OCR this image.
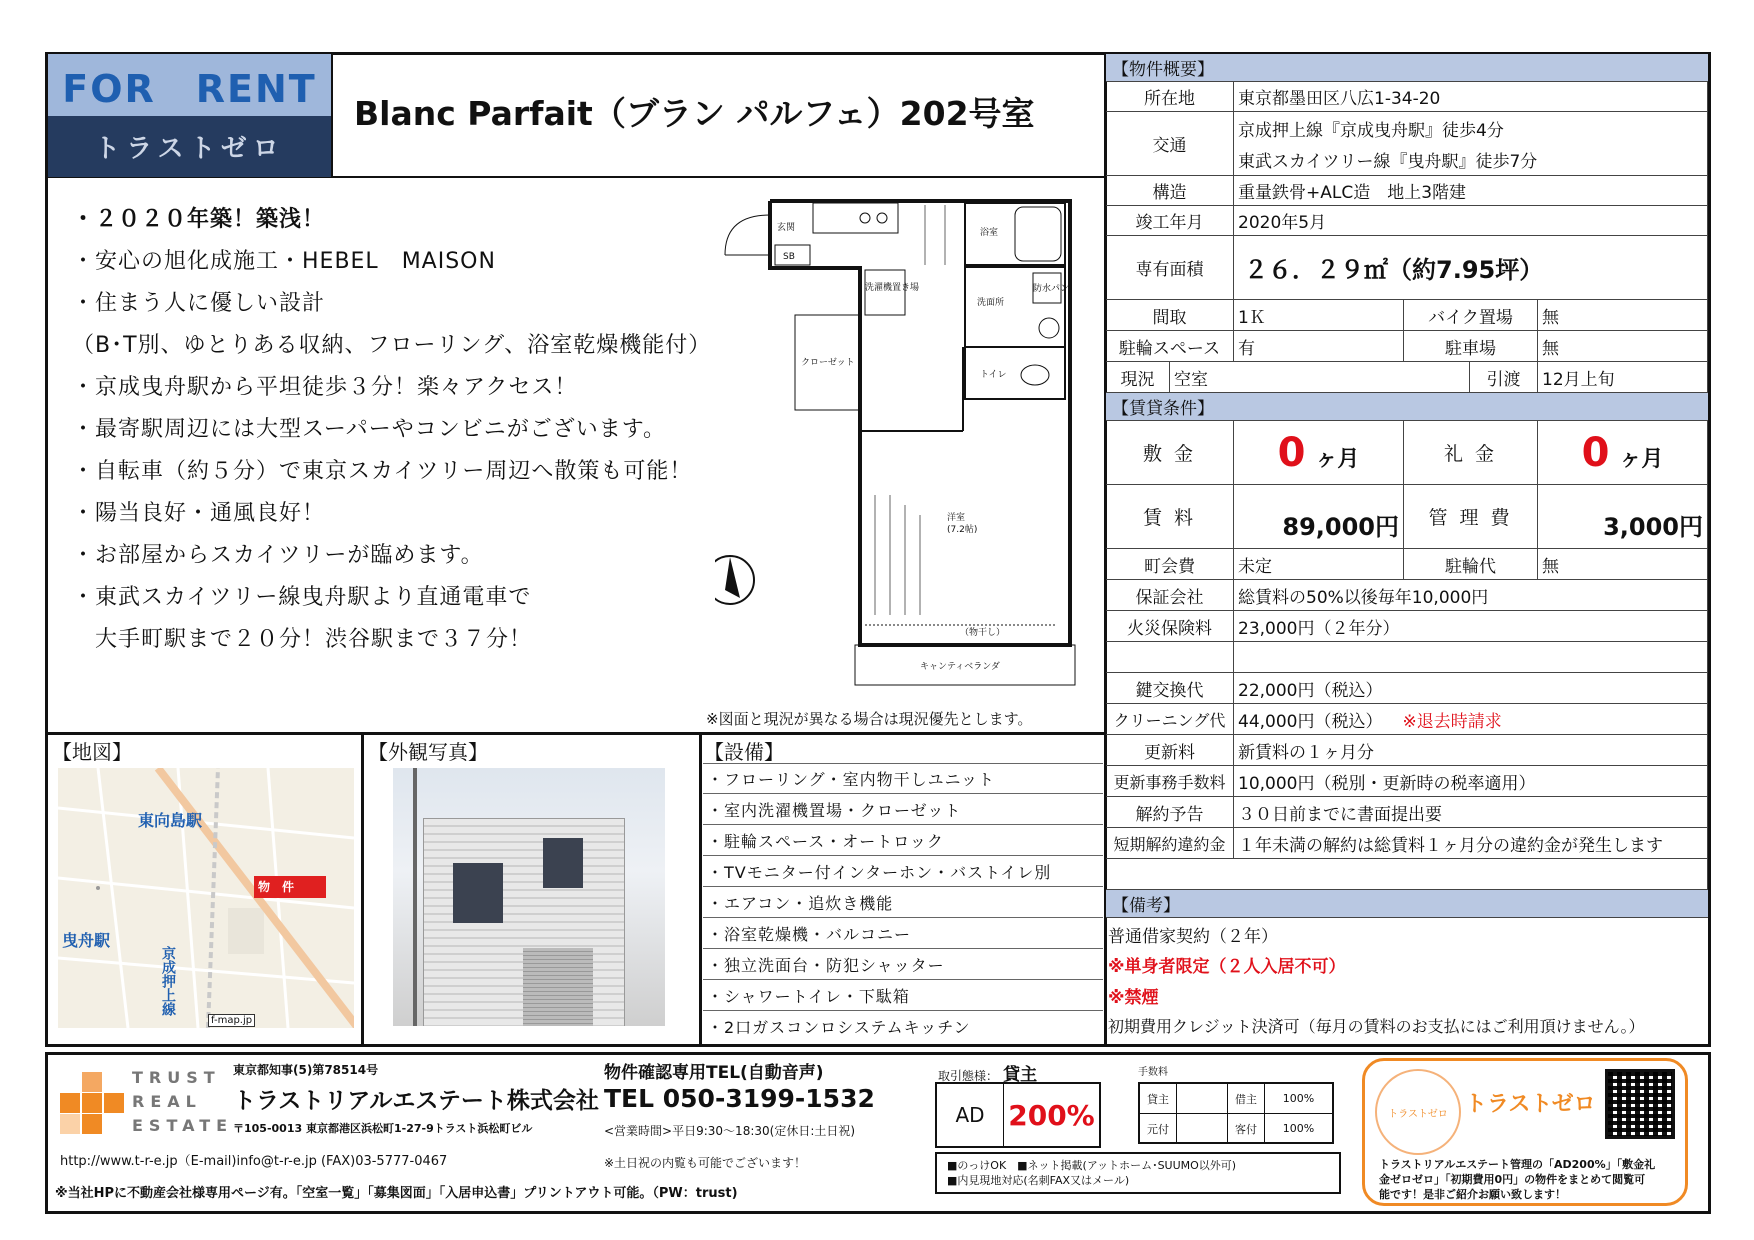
FOR　RENT
トラストゼロ
Blanc Parfait（ブラン パルフェ）202号室
・２０２０年築！築浅！
・安心の旭化成施工・HEBEL　MAISON
・住まう人に優しい設計
（B･T別、ゆとりある収納、フローリング、浴室乾燥機能付）
・京成曳舟駅から平坦徒歩３分！楽々アクセス！
・最寄駅周辺には大型スーパーやコンビニがございます。
・自転車（約５分）で東京スカイツリー周辺へ散策も可能！
・陽当良好・通風良好！
・お部屋からスカイツリーが臨めます。
・東武スカイツリー線曳舟駅より直通電車で
　大手町駅まで２０分！渋谷駅まで３７分！
玄関
SB
浴室
洗濯機置き場
洗面所
防水パン
クローゼット
トイレ
洋室
(7.2帖)
（物干し）
キャンティベランダ
※図面と現況が異なる場合は現況優先とします。
【地図】
東向島駅
曳舟駅
京成押上線
物　件
f-map.jp
【外観写真】	【設備】
・フローリング・室内物干しユニット
・室内洗濯機置場・クローゼット
・駐輪スペース・オートロック
・TVモニター付インターホン・バストイレ別
・エアコン・追炊き機能
・浴室乾燥機・バルコニー
・独立洗面台・防犯シャッター
・シャワートイレ・下駄箱
・2口ガスコンロシステムキッチン
【物件概要】
所在地	東京都墨田区八広1-34-20
交通
京成押上線『京成曳舟駅』徒歩4分
東武スカイツリー線『曳舟駅』徒歩7分
構造	重量鉄骨+ALC造　地上3階建
竣工年月	2020年5月
専有面積	２６．２９㎡（約7.95坪）
間取	1Ｋ	バイク置場	無
駐輪スペース	有	駐車場	無
現況	空室	引渡	12月上旬
【賃貸条件】
敷 金	0 ヶ月	礼 金	0 ヶ月
賃 料	89,000円	管 理 費	3,000円
町会費	未定	駐輪代	無
保証会社	総賃料の50%以後毎年10,000円
火災保険料	23,000円（２年分）
鍵交換代	22,000円（税込）
クリーニング代 44,000円（税込） ※退去時請求
更新料	新賃料の１ヶ月分
更新事務手数料 10,000円（税別・更新時の税率適用）
解約予告	３０日前までに書面提出要
短期解約違約金 １年未満の解約は総賃料１ヶ月分の違約金が発生します
【備考】
普通借家契約（２年）
※単身者限定（２人入居不可）
※禁煙
初期費用クレジット決済可（毎月の賃料のお支払にはご利用頂けません。）
TRUST
REAL
ESTATE
東京都知事(5)第78514号
トラストリアルエステート株式会社
〒105-0013 東京都港区浜松町1-27-9トラスト浜松町ビル
http://www.t-r-e.jp（E-mail)info@t-r-e.jp (FAX)03-5777-0467
※当社HPに不動産会社様専用ページ有。「空室一覧」「募集図面」「入居申込書」プリントアウト可能。（PW：trust)
物件確認専用TEL(自動音声)
TEL 050-3199-1532
<営業時間>平日9:30～18:30(定休日:土日祝)
※土日祝の内覧も可能でございます！
取引態様： 貸主
AD 200%
手数料
貸主	借主	100%
元付	客付	100%
■のっけOK　■ネット掲載(アットホーム･SUUMO以外可)
■内見現地対応(名刺FAX又はメール)
トラストゼロ トラストゼロ
トラストリアルエステート管理の「AD200%」「敷金礼
金ゼロゼロ」「初期費用0円」の物件をまとめて閲覧可
能です！是非ご紹介お願い致します！
